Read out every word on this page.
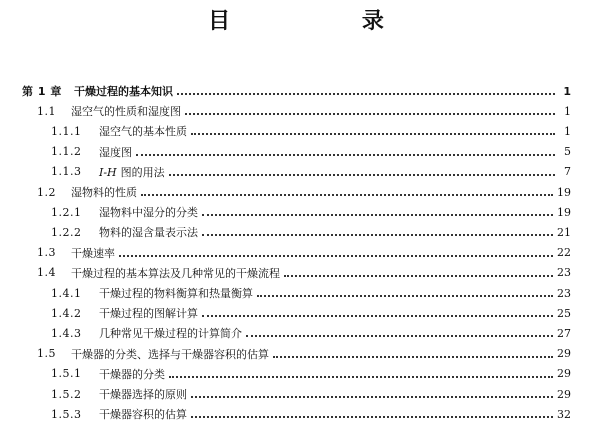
目 录
第 1 章 干燥过程的基本知识	1
1.1 湿空气的性质和湿度图	1
1.1.1	湿空气的基本性质	1
1.1.2	湿度图	5
1.1.3	I-H 图的用法	7
1.2 湿物料的性质	19
1.2.1	湿物料中湿分的分类	19
1.2.2	物料的湿含量表示法	21
1.3 干燥速率	22
1.4 干燥过程的基本算法及几种常见的干燥流程	23
1.4.1	干燥过程的物料衡算和热量衡算	23
1.4.2	干燥过程的图解计算	25
1.4.3	几种常见干燥过程的计算简介	27
1.5 干燥器的分类、选择与干燥器容积的估算	29
1.5.1	干燥器的分类	29
1.5.2	干燥器选择的原则	29
1.5.3	干燥器容积的估算	32
